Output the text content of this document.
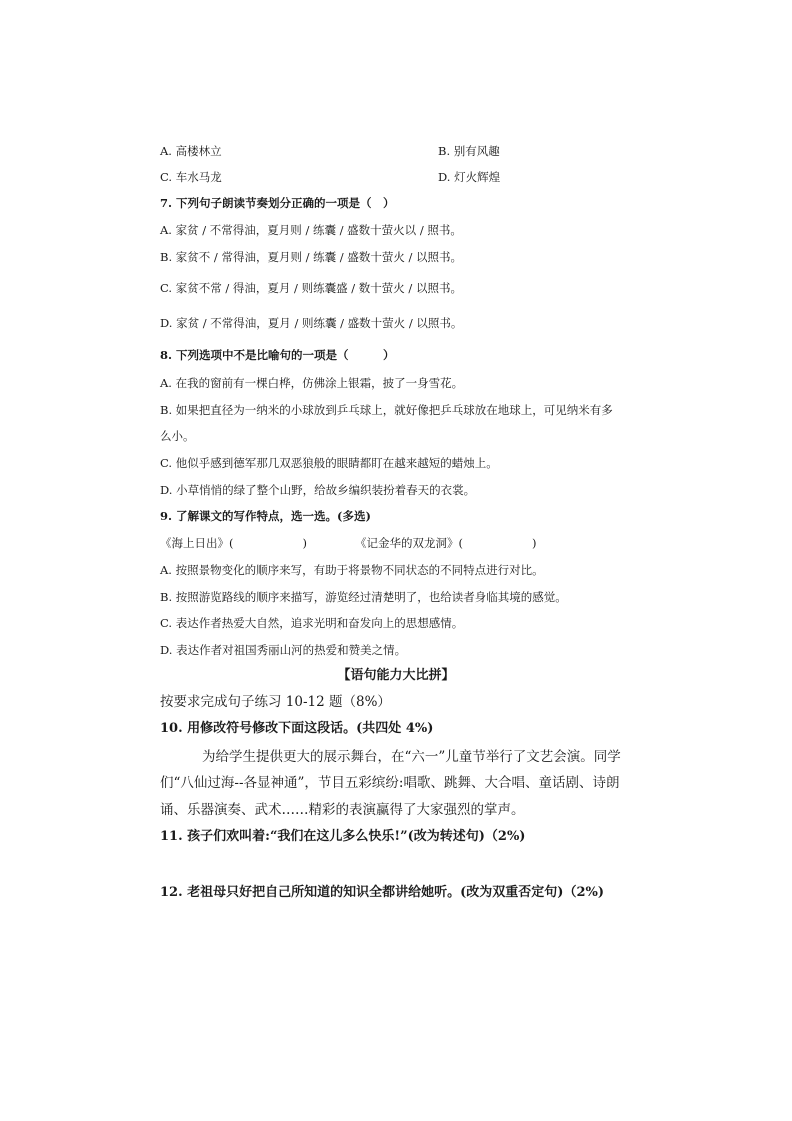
A. 高楼林立	B. 别有风趣
C. 车水马龙	D. 灯火辉煌
7. 下列句子朗读节奏划分正确的一项是（　）
A. 家贫 / 不常得油，夏月则 / 练囊 / 盛数十萤火以 / 照书。
B. 家贫不 / 常得油，夏月则 / 练囊 / 盛数十萤火 / 以照书。
C. 家贫不常 / 得油，夏月 / 则练囊盛 / 数十萤火 / 以照书。
D. 家贫 / 不常得油，夏月 / 则练囊 / 盛数十萤火 / 以照书。
8. 下列选项中不是比喻句的一项是（　　　）
A. 在我的窗前有一棵白桦，仿佛涂上银霜，披了一身雪花。
B. 如果把直径为一纳米的小球放到乒乓球上，就好像把乒乓球放在地球上，可见纳米有多
么小。
C. 他似乎感到德军那几双恶狼般的眼睛都盯在越来越短的蜡烛上。
D. 小草悄悄的绿了整个山野，给故乡编织装扮着春天的衣裳。
9. 了解课文的写作特点，选一选。(多选)
《海上日出》(　　　　　　)	《记金华的双龙洞》(　　　　　　)
A. 按照景物变化的顺序来写，有助于将景物不同状态的不同特点进行对比。
B. 按照游览路线的顺序来描写，游览经过清楚明了，也给读者身临其境的感觉。
C. 表达作者热爱大自然，追求光明和奋发向上的思想感情。
D. 表达作者对祖国秀丽山河的热爱和赞美之情。
【语句能力大比拼】
按要求完成句子练习 10-12 题（8%）
10. 用修改符号修改下面这段话。(共四处 4%)
为给学生提供更大的展示舞台，在“六一”儿童节举行了文艺会演。同学
们“八仙过海--各显神通”，节目五彩缤纷:唱歌、跳舞、大合唱、童话剧、诗朗
诵、乐器演奏、武术……精彩的表演赢得了大家强烈的掌声。
11. 孩子们欢叫着:“我们在这儿多么快乐!”(改为转述句)（2%)
12. 老祖母只好把自己所知道的知识全都讲给她听。(改为双重否定句)（2%)
